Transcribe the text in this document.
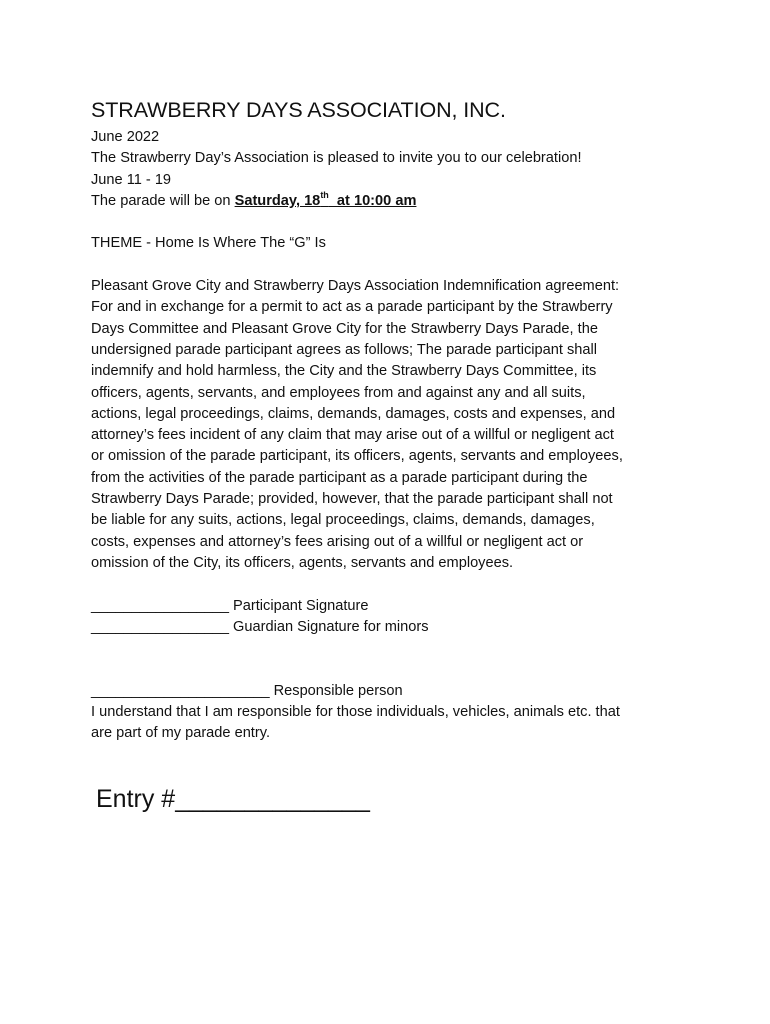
STRAWBERRY DAYS ASSOCIATION, INC.
June 2022
The Strawberry Day’s Association is pleased to invite you to our celebration!
June 11 - 19
The parade will be on Saturday, 18th  at 10:00 am
THEME - Home Is Where The “G” Is

Pleasant Grove City and Strawberry Days Association Indemnification agreement:

For and in exchange for a permit to act as a parade participant by the Strawberry

Days Committee and Pleasant Grove City for the Strawberry Days Parade, the

undersigned parade participant agrees as follows; The parade participant shall

indemnify and hold harmless, the City and the Strawberry Days Committee, its

officers, agents, servants, and employees from and against any and all suits,

actions, legal proceedings, claims, demands, damages, costs and expenses, and

attorney’s fees incident of any claim that may arise out of a willful or negligent act

or omission of the parade participant, its officers, agents, servants and employees,

from the activities of the parade participant as a parade participant during the

Strawberry Days Parade; provided, however, that the parade participant shall not

be liable for any suits, actions, legal proceedings, claims, demands, damages,

costs, expenses and attorney’s fees arising out of a willful or negligent act or

omission of the City, its officers, agents, servants and employees.

_________________ Participant Signature
_________________ Guardian Signature for minors
______________________ Responsible person
I understand that I am responsible for those individuals, vehicles, animals etc. that
are part of my parade entry.
Entry #______________
